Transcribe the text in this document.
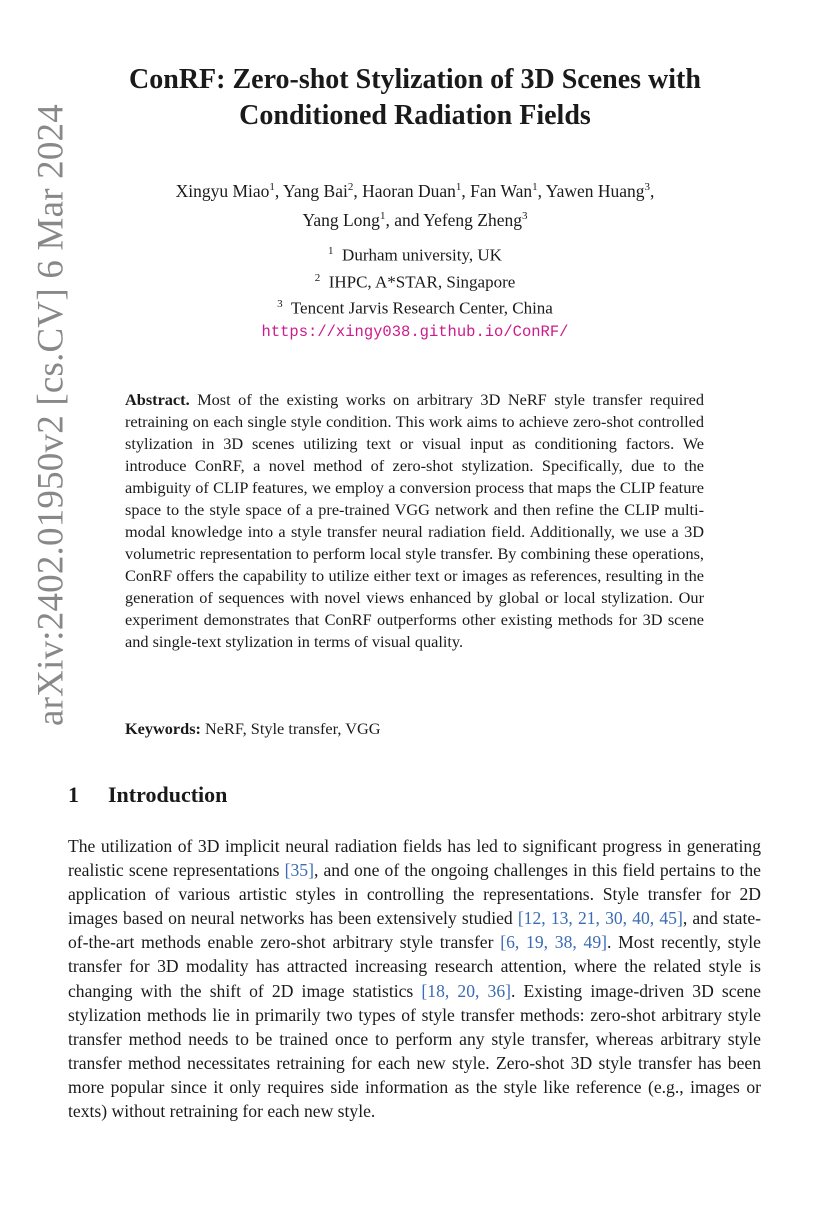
arXiv:2402.01950v2 [cs.CV] 6 Mar 2024
ConRF: Zero-shot Stylization of 3D Scenes with Conditioned Radiation Fields
Xingyu Miao$^1$, Yang Bai$^2$, Haoran Duan$^1$, Fan Wan$^1$, Yawen Huang$^3$,
Yang Long$^1$, and Yefeng Zheng$^3$
$^1$ Durham university, UK
$^2$ IHPC, A*STAR, Singapore
$^3$ Tencent Jarvis Research Center, China
https://xingy038.github.io/ConRF/

Abstract. Most of the existing works on arbitrary 3D NeRF style transfer required retraining on each single style condition. This work aims to achieve zero-shot controlled stylization in 3D scenes utilizing text or visual input as conditioning factors. We introduce ConRF, a novel method of zero-shot stylization. Specifically, due to the ambiguity of CLIP features, we employ a conversion process that maps the CLIP feature space to the style space of a pre-trained VGG network and then refine the CLIP multi-modal knowledge into a style transfer neural radiation field. Additionally, we use a 3D volumetric representation to perform local style transfer. By combining these operations, ConRF offers the capability to utilize either text or images as references, resulting in the generation of sequences with novel views enhanced by global or local stylization. Our experiment demonstrates that ConRF outperforms other existing methods for 3D scene and single-text stylization in terms of visual quality.

Keywords: NeRF, Style transfer, VGG
1 Introduction

The utilization of 3D implicit neural radiation fields has led to significant progress in generating realistic scene representations [35], and one of the ongoing challenges in this field pertains to the application of various artistic styles in controlling the representations. Style transfer for 2D images based on neural networks has been extensively studied [12, 13, 21, 30, 40, 45], and state-of-the-art methods enable zero-shot arbitrary style transfer [6, 19, 38, 49]. Most recently, style transfer for 3D modality has attracted increasing research attention, where the related style is changing with the shift of 2D image statistics [18, 20, 36]. Existing image-driven 3D scene stylization methods lie in primarily two types of style transfer methods: zero-shot arbitrary style transfer method needs to be trained once to perform any style transfer, whereas arbitrary style transfer method necessitates retraining for each new style. Zero-shot 3D style transfer has been more popular since it only requires side information as the style like reference (e.g., images or texts) without retraining for each new style.
